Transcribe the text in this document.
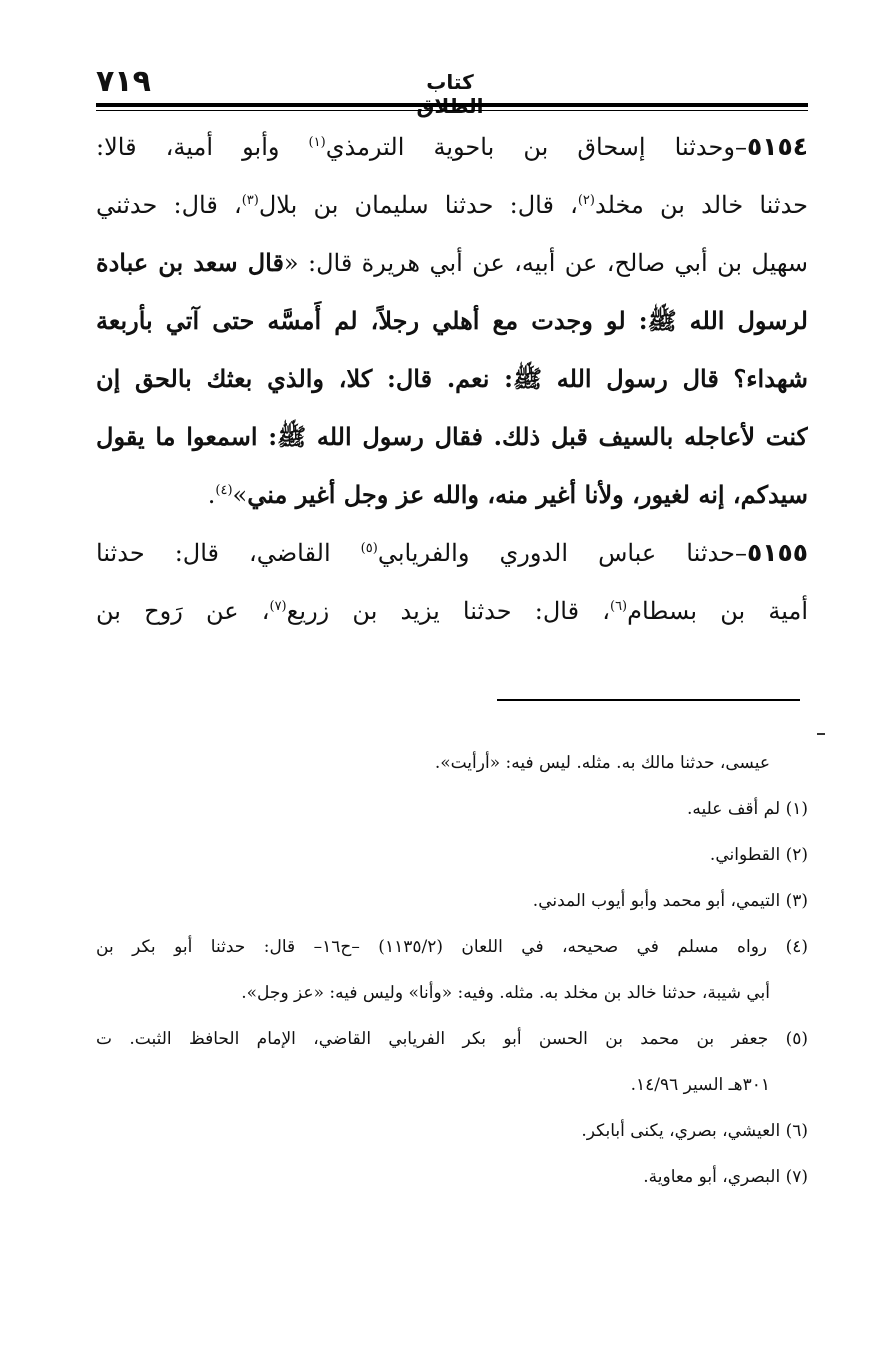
٧١٩	كتاب
٥١٥٤–وحدثنا إسحاق بن باحوية الترمذي$^{(١)}$ وأبو أمية، قالا:
حدثنا خالد بن مخلد$^{(٢)}$، قال: حدثنا سليمان بن بلال$^{(٣)}$، قال: حدثني
سهيل بن أبي صالح، عن أبيه، عن أبي هريرة قال: «قال سعد بن عبادة
لرسول الله ﷺ: لو وجدت مع أهلي رجلاً، لم أَمسَّه حتى آتي بأربعة
شهداء؟ قال رسول الله ﷺ: نعم. قال: كلا، والذي بعثك بالحق إن
كنت لأعاجله بالسيف قبل ذلك. فقال رسول الله ﷺ: اسمعوا ما يقول
سيدكم، إنه لغيور، ولأنا أغير منه، والله عز وجل أغير مني»$^{(٤)}$.
٥١٥٥–حدثنا عباس الدوري والفريابي$^{(٥)}$ القاضي، قال: حدثنا
أمية بن بسطام$^{(٦)}$، قال: حدثنا يزيد بن زريع$^{(٧)}$، عن رَوح بن
عيسى، حدثنا مالك به. مثله. ليس فيه: «أرأيت».
(١) لم أقف عليه.
(٢) القطواني.
(٣) التيمي، أبو محمد وأبو أيوب المدني.
(٤) رواه مسلم في صحيحه، في اللعان (١١٣٥/٢) –ح١٦– قال: حدثنا أبو بكر بن
أبي شيبة، حدثنا خالد بن مخلد به. مثله. وفيه: «وأنا» وليس فيه: «عز وجل».
(٥) جعفر بن محمد بن الحسن أبو بكر الفريابي القاضي، الإمام الحافظ الثبت. ت
٣٠١هـ السير ١٤/٩٦.
(٦) العيشي، بصري، يكنى أبابكر.
(٧) البصري، أبو معاوية.
